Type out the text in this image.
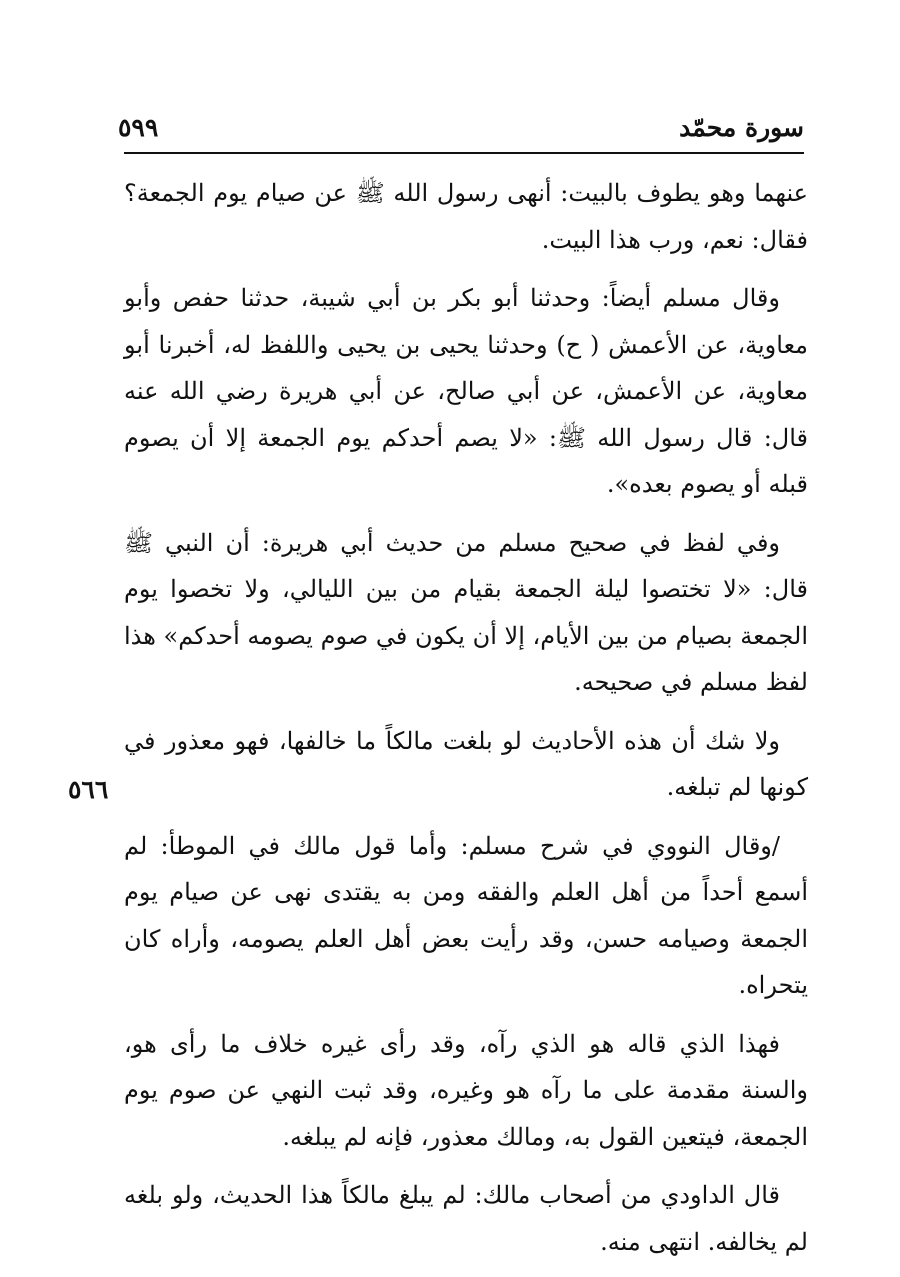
سورة محمّد
٥٩٩
٥٦٦

عنهما وهو يطوف بالبيت: أنهى رسول الله ﷺ عن صيام يوم الجمعة؟ فقال: نعم، ورب هذا البيت.

وقال مسلم أيضاً: وحدثنا أبو بكر بن أبي شيبة، حدثنا حفص وأبو معاوية، عن الأعمش ( ح) وحدثنا يحيى بن يحيى واللفظ له، أخبرنا أبو معاوية، عن الأعمش، عن أبي صالح، عن أبي هريرة رضي الله عنه قال: قال رسول الله ﷺ: «لا يصم أحدكم يوم الجمعة إلا أن يصوم قبله أو يصوم بعده».

وفي لفظ في صحيح مسلم من حديث أبي هريرة: أن النبي ﷺ قال: «لا تختصوا ليلة الجمعة بقيام من بين الليالي، ولا تخصوا يوم الجمعة بصيام من بين الأيام، إلا أن يكون في صوم يصومه أحدكم» هذا لفظ مسلم في صحيحه.

ولا شك أن هذه الأحاديث لو بلغت مالكاً ما خالفها، فهو معذور في كونها لم تبلغه.

/وقال النووي في شرح مسلم: وأما قول مالك في الموطأ: لم أسمع أحداً من أهل العلم والفقه ومن به يقتدى نهى عن صيام يوم الجمعة وصيامه حسن، وقد رأيت بعض أهل العلم يصومه، وأراه كان يتحراه.

فهذا الذي قاله هو الذي رآه، وقد رأى غيره خلاف ما رأى هو، والسنة مقدمة على ما رآه هو وغيره، وقد ثبت النهي عن صوم يوم الجمعة، فيتعين القول به، ومالك معذور، فإنه لم يبلغه.

قال الداودي من أصحاب مالك: لم يبلغ مالكاً هذا الحديث، ولو بلغه لم يخالفه. انتهى منه.
